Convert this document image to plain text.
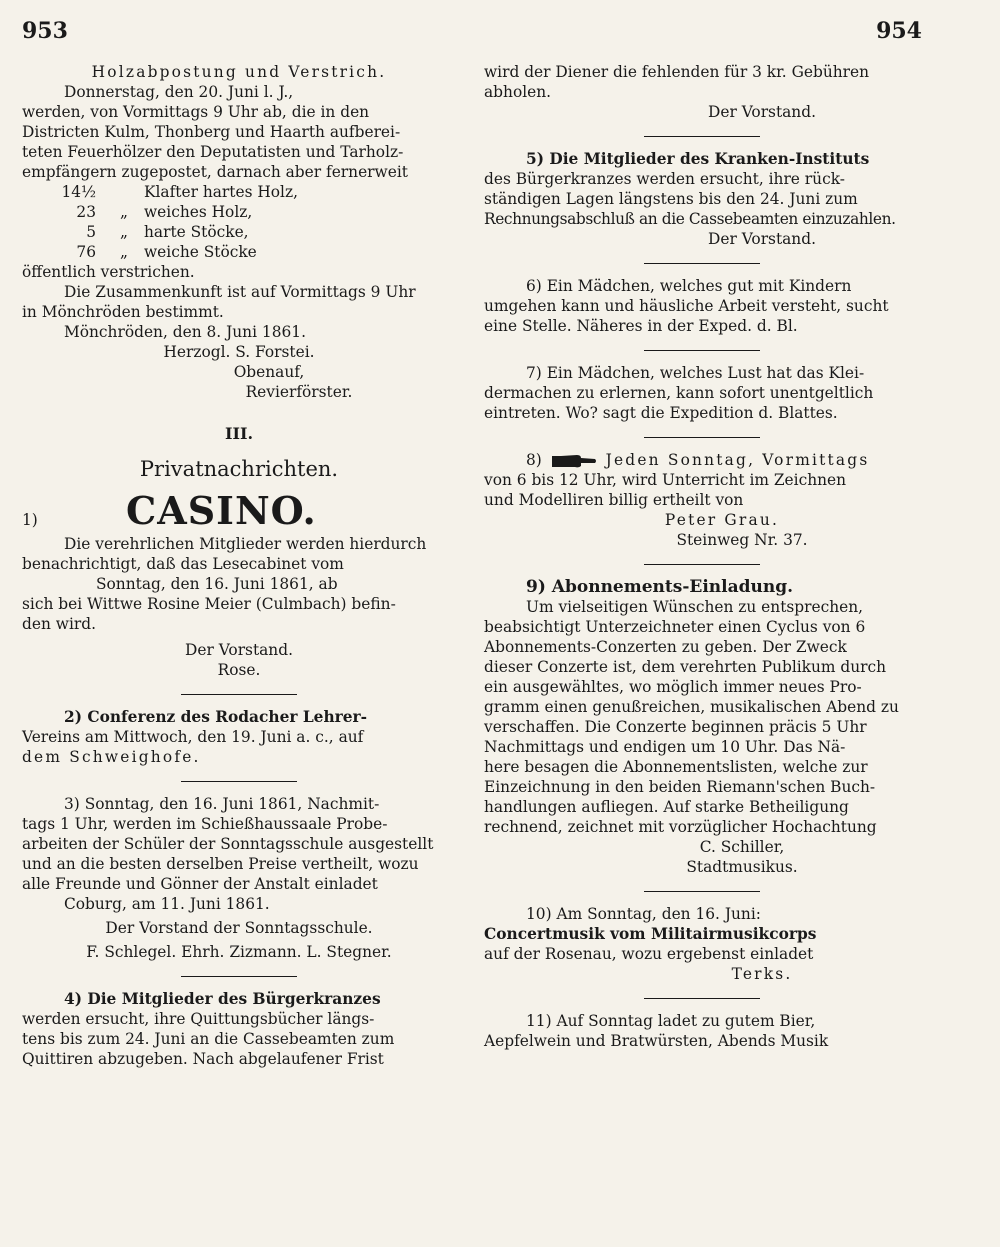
953	954

Holzabpostung und Verstrich.

Donnerstag, den 20. Juni l. J.,

werden, von Vormittags 9 Uhr ab, die in den

Districten Kulm, Thonberg und Haarth aufberei-

teten Feuerhölzer den Deputatisten und Tarholz-

empfängern zugepostet, darnach aber fernerweit

14½	Klafter hartes Holz,
23	„	weiches Holz,
5	„	harte Stöcke,
76	„	weiche Stöcke

öffentlich verstrichen.

Die Zusammenkunft ist auf Vormittags 9 Uhr

in Mönchröden bestimmt.

Mönchröden, den 8. Juni 1861.

Herzogl. S. Forstei.

Obenauf,

Revierförster.

III.

Privatnachrichten.

1)	CASINO.

Die verehrlichen Mitglieder werden hierdurch

benachrichtigt, daß das Lesecabinet vom

Sonntag, den 16. Juni 1861, ab

sich bei Wittwe Rosine Meier (Culmbach) befin-

den wird.

Der Vorstand.

Rose.

2) Conferenz des Rodacher Lehrer-

Vereins am Mittwoch, den 19. Juni a. c., auf

dem Schweighofe.

3) Sonntag, den 16. Juni 1861, Nachmit-

tags 1 Uhr, werden im Schießhaussaale Probe-

arbeiten der Schüler der Sonntagsschule ausgestellt

und an die besten derselben Preise vertheilt, wozu

alle Freunde und Gönner der Anstalt einladet

Coburg, am 11. Juni 1861.

Der Vorstand der Sonntagsschule.

F. Schlegel. Ehrh. Zizmann. L. Stegner.

4) Die Mitglieder des Bürgerkranzes

werden ersucht, ihre Quittungsbücher längs-

tens bis zum 24. Juni an die Cassebeamten zum

Quittiren abzugeben. Nach abgelaufener Frist

wird der Diener die fehlenden für 3 kr. Gebühren

abholen.

Der Vorstand.

5) Die Mitglieder des Kranken-Instituts

des Bürgerkranzes werden ersucht, ihre rück-

ständigen Lagen längstens bis den 24. Juni zum

Rechnungsabschluß an die Cassebeamten einzuzahlen.

Der Vorstand.

6) Ein Mädchen, welches gut mit Kindern

umgehen kann und häusliche Arbeit versteht, sucht

eine Stelle. Näheres in der Exped. d. Bl.

7) Ein Mädchen, welches Lust hat das Klei-

dermachen zu erlernen, kann sofort unentgeltlich

eintreten. Wo? sagt die Expedition d. Blattes.

8)	Jeden Sonntag, Vormittags

von 6 bis 12 Uhr, wird Unterricht im Zeichnen

und Modelliren billig ertheilt von

Peter Grau.

Steinweg Nr. 37.

9) Abonnements-Einladung.

Um vielseitigen Wünschen zu entsprechen,

beabsichtigt Unterzeichneter einen Cyclus von 6

Abonnements-Conzerten zu geben. Der Zweck

dieser Conzerte ist, dem verehrten Publikum durch

ein ausgewähltes, wo möglich immer neues Pro-

gramm einen genußreichen, musikalischen Abend zu

verschaffen. Die Conzerte beginnen präcis 5 Uhr

Nachmittags und endigen um 10 Uhr. Das Nä-

here besagen die Abonnementslisten, welche zur

Einzeichnung in den beiden Riemann'schen Buch-

handlungen aufliegen. Auf starke Betheiligung

rechnend, zeichnet mit vorzüglicher Hochachtung

C. Schiller,

Stadtmusikus.

10) Am Sonntag, den 16. Juni:

Concertmusik vom Militairmusikcorps

auf der Rosenau, wozu ergebenst einladet

Terks.

11) Auf Sonntag ladet zu gutem Bier,

Aepfelwein und Bratwürsten, Abends Musik
